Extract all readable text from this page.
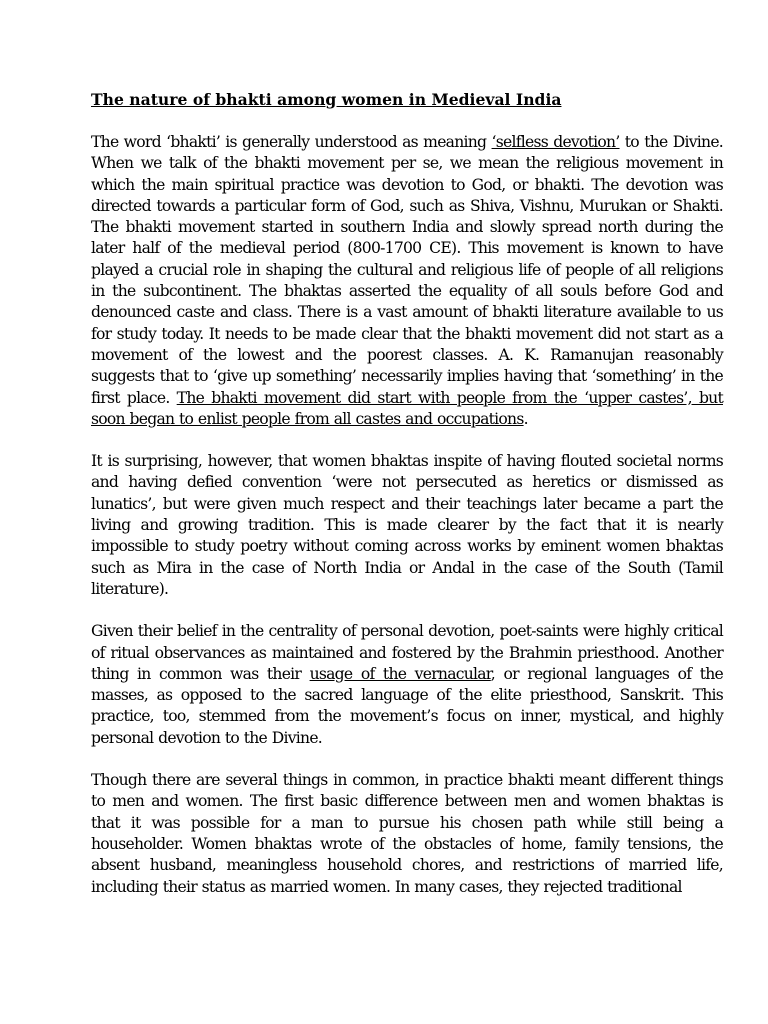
The nature of bhakti among women in Medieval India

The word ‘bhakti’ is generally understood as meaning ‘selfless devotion’ to the Divine. When we talk of the bhakti movement per se, we mean the religious movement in which the main spiritual practice was devotion to God, or bhakti. The devotion was directed towards a particular form of God, such as Shiva, Vishnu, Murukan or Shakti. The bhakti movement started in southern India and slowly spread north during the later half of the medieval period (800-1700 CE). This movement is known to have played a crucial role in shaping the cultural and religious life of people of all religions in the subcontinent. The bhaktas asserted the equality of all souls before God and denounced caste and class. There is a vast amount of bhakti literature available to us for study today. It needs to be made clear that the bhakti movement did not start as a movement of the lowest and the poorest classes. A. K. Ramanujan reasonably suggests that to ‘give up something’ necessarily implies having that ‘something’ in the first place. The bhakti movement did start with people from the ‘upper castes’, but soon began to enlist people from all castes and occupations.

It is surprising, however, that women bhaktas inspite of having flouted societal norms and having defied convention ‘were not persecuted as heretics or dismissed as lunatics’, but were given much respect and their teachings later became a part the living and growing tradition. This is made clearer by the fact that it is nearly impossible to study poetry without coming across works by eminent women bhaktas such as Mira in the case of North India or Andal in the case of the South (Tamil literature).

Given their belief in the centrality of personal devotion, poet-saints were highly critical of ritual observances as maintained and fostered by the Brahmin priesthood. Another thing in common was their usage of the vernacular, or regional languages of the masses, as opposed to the sacred language of the elite priesthood, Sanskrit. This practice, too, stemmed from the movement’s focus on inner, mystical, and highly personal devotion to the Divine.

Though there are several things in common, in practice bhakti meant different things to men and women. The first basic difference between men and women bhaktas is that it was possible for a man to pursue his chosen path while still being a householder. Women bhaktas wrote of the obstacles of home, family tensions, the absent husband, meaningless household chores, and restrictions of married life, including their status as married women. In many cases, they rejected traditional
